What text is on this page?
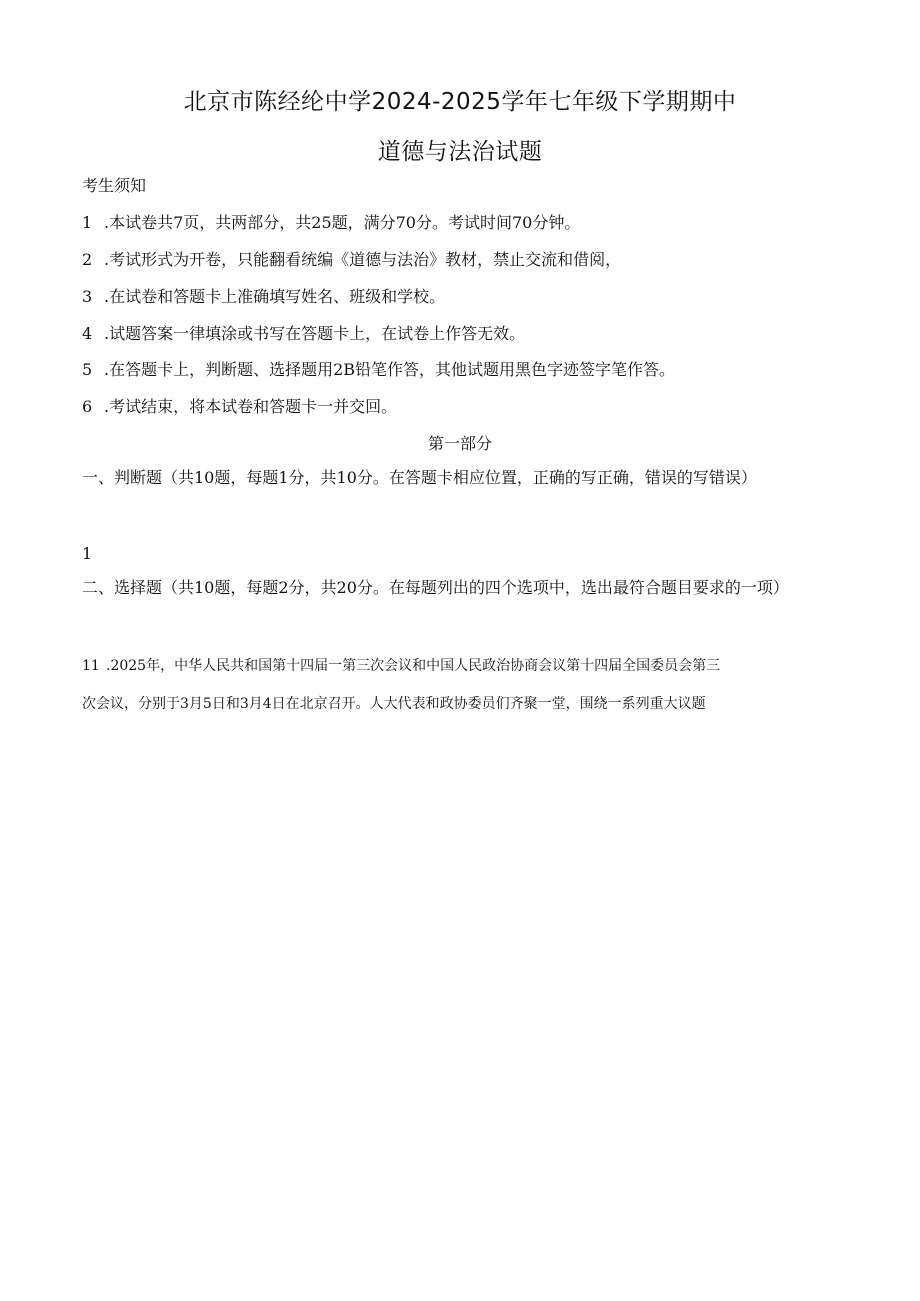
北京市陈经纶中学2024-2025学年七年级下学期期中
道德与法治试题
考生须知
1 .本试卷共7页，共两部分，共25题，满分70分。考试时间70分钟。
2 .考试形式为开卷，只能翻看统编《道德与法治》教材，禁止交流和借阅，
3 .在试卷和答题卡上准确填写姓名、班级和学校。
4 .试题答案一律填涂或书写在答题卡上，在试卷上作答无效。
5 .在答题卡上，判断题、选择题用2B铅笔作答，其他试题用黑色字迹签字笔作答。
6 .考试结束，将本试卷和答题卡一并交回。
第一部分
一、判断题（共10题，每题1分，共10分。在答题卡相应位置，正确的写正确，错误的写错误）
1
二、选择题（共10题，每题2分，共20分。在每题列出的四个选项中，选出最符合题目要求的一项）
11 .2025年，中华人民共和国第十四届一第三次会议和中国人民政治协商会议第十四届全国委员会第三
次会议，分别于3月5日和3月4日在北京召开。人大代表和政协委员们齐聚一堂，围绕一系列重大议题
